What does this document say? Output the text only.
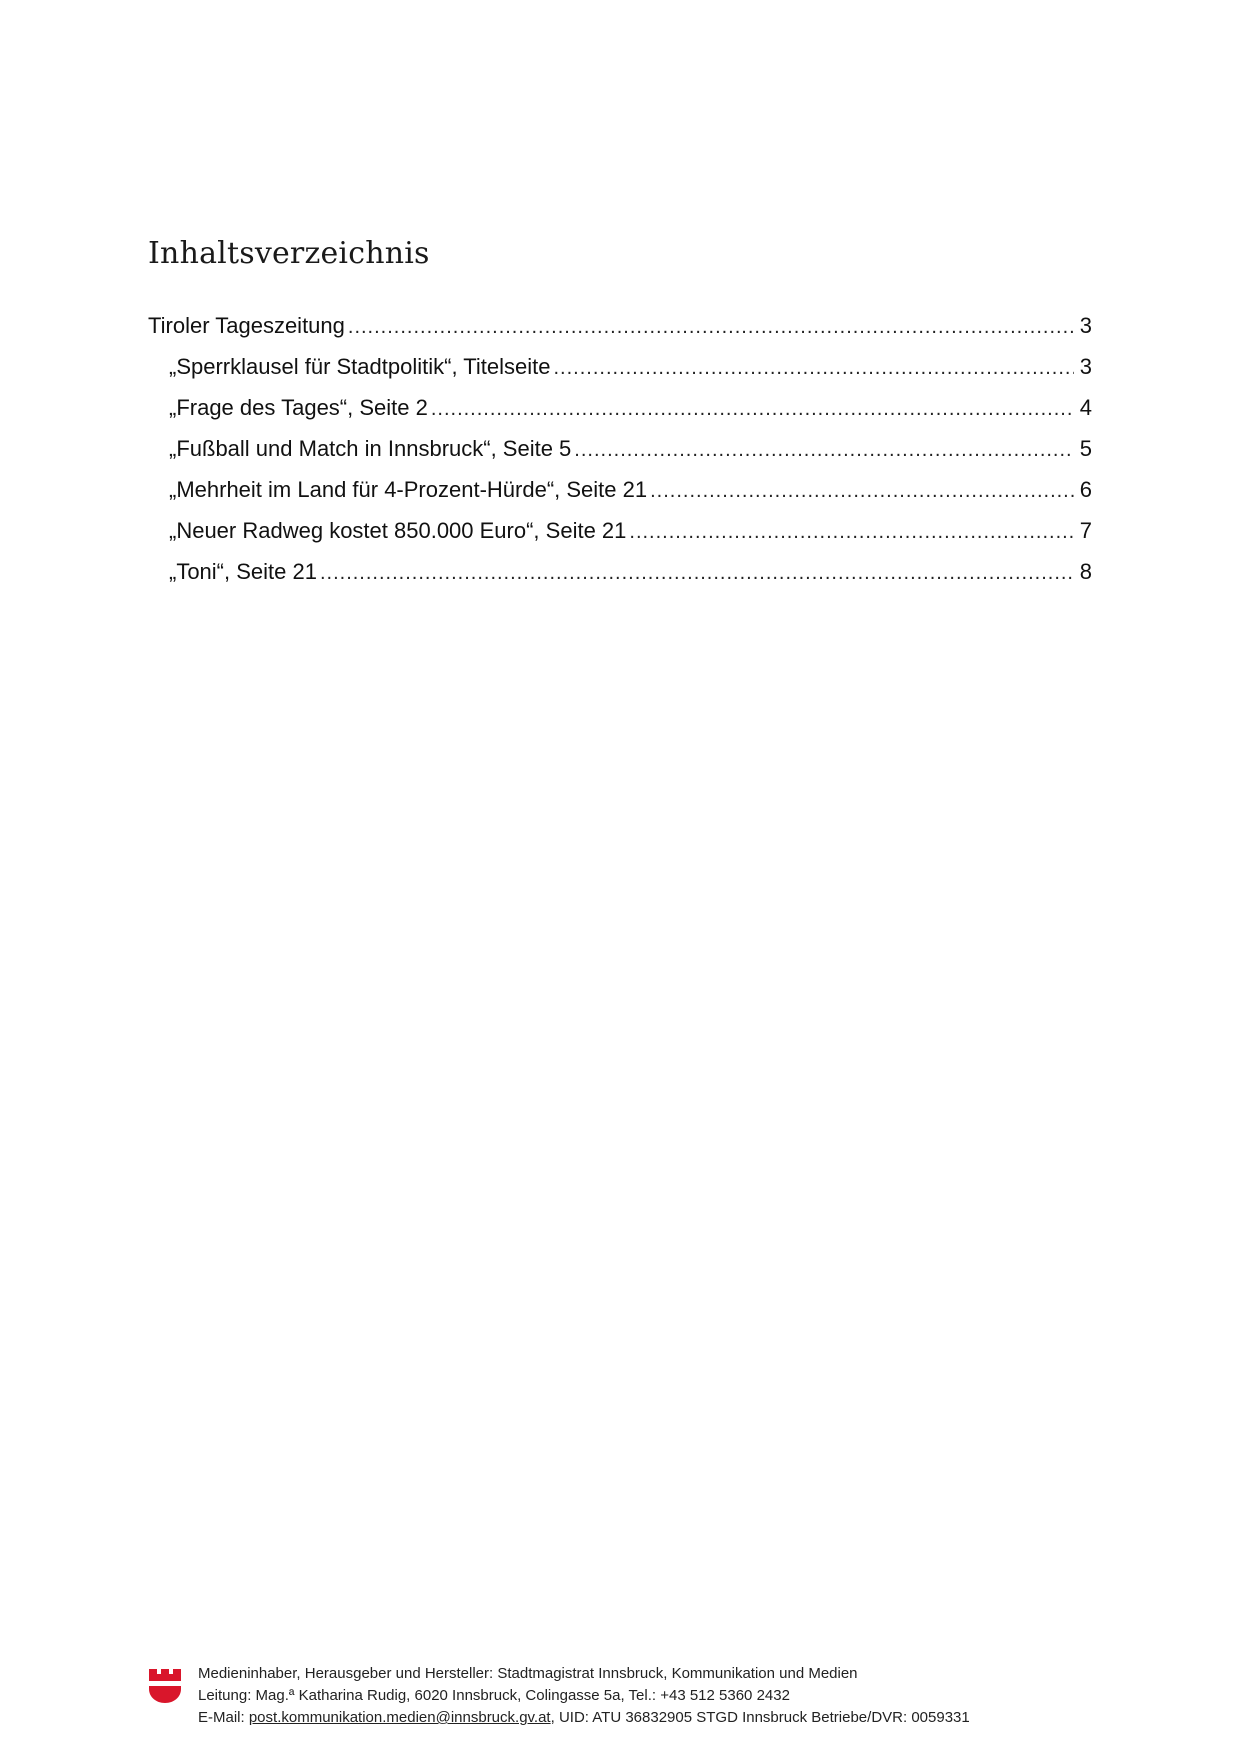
Inhaltsverzeichnis
Tiroler Tageszeitung .....	3
„Sperrklausel für Stadtpolitik“, Titelseite .....	3
„Frage des Tages“, Seite 2 .....	4
„Fußball und Match in Innsbruck“, Seite 5 .....	5
„Mehrheit im Land für 4-Prozent-Hürde“, Seite 21 .....	6
„Neuer Radweg kostet 850.000 Euro“, Seite 21 .....	7
„Toni“, Seite 21 .....	8
Medieninhaber, Herausgeber und Hersteller: Stadtmagistrat Innsbruck, Kommunikation und Medien
Leitung: Mag.ª Katharina Rudig, 6020 Innsbruck, Colingasse 5a, Tel.: +43 512 5360 2432
E-Mail: post.kommunikation.medien@innsbruck.gv.at, UID: ATU 36832905 STGD Innsbruck Betriebe/DVR: 0059331
